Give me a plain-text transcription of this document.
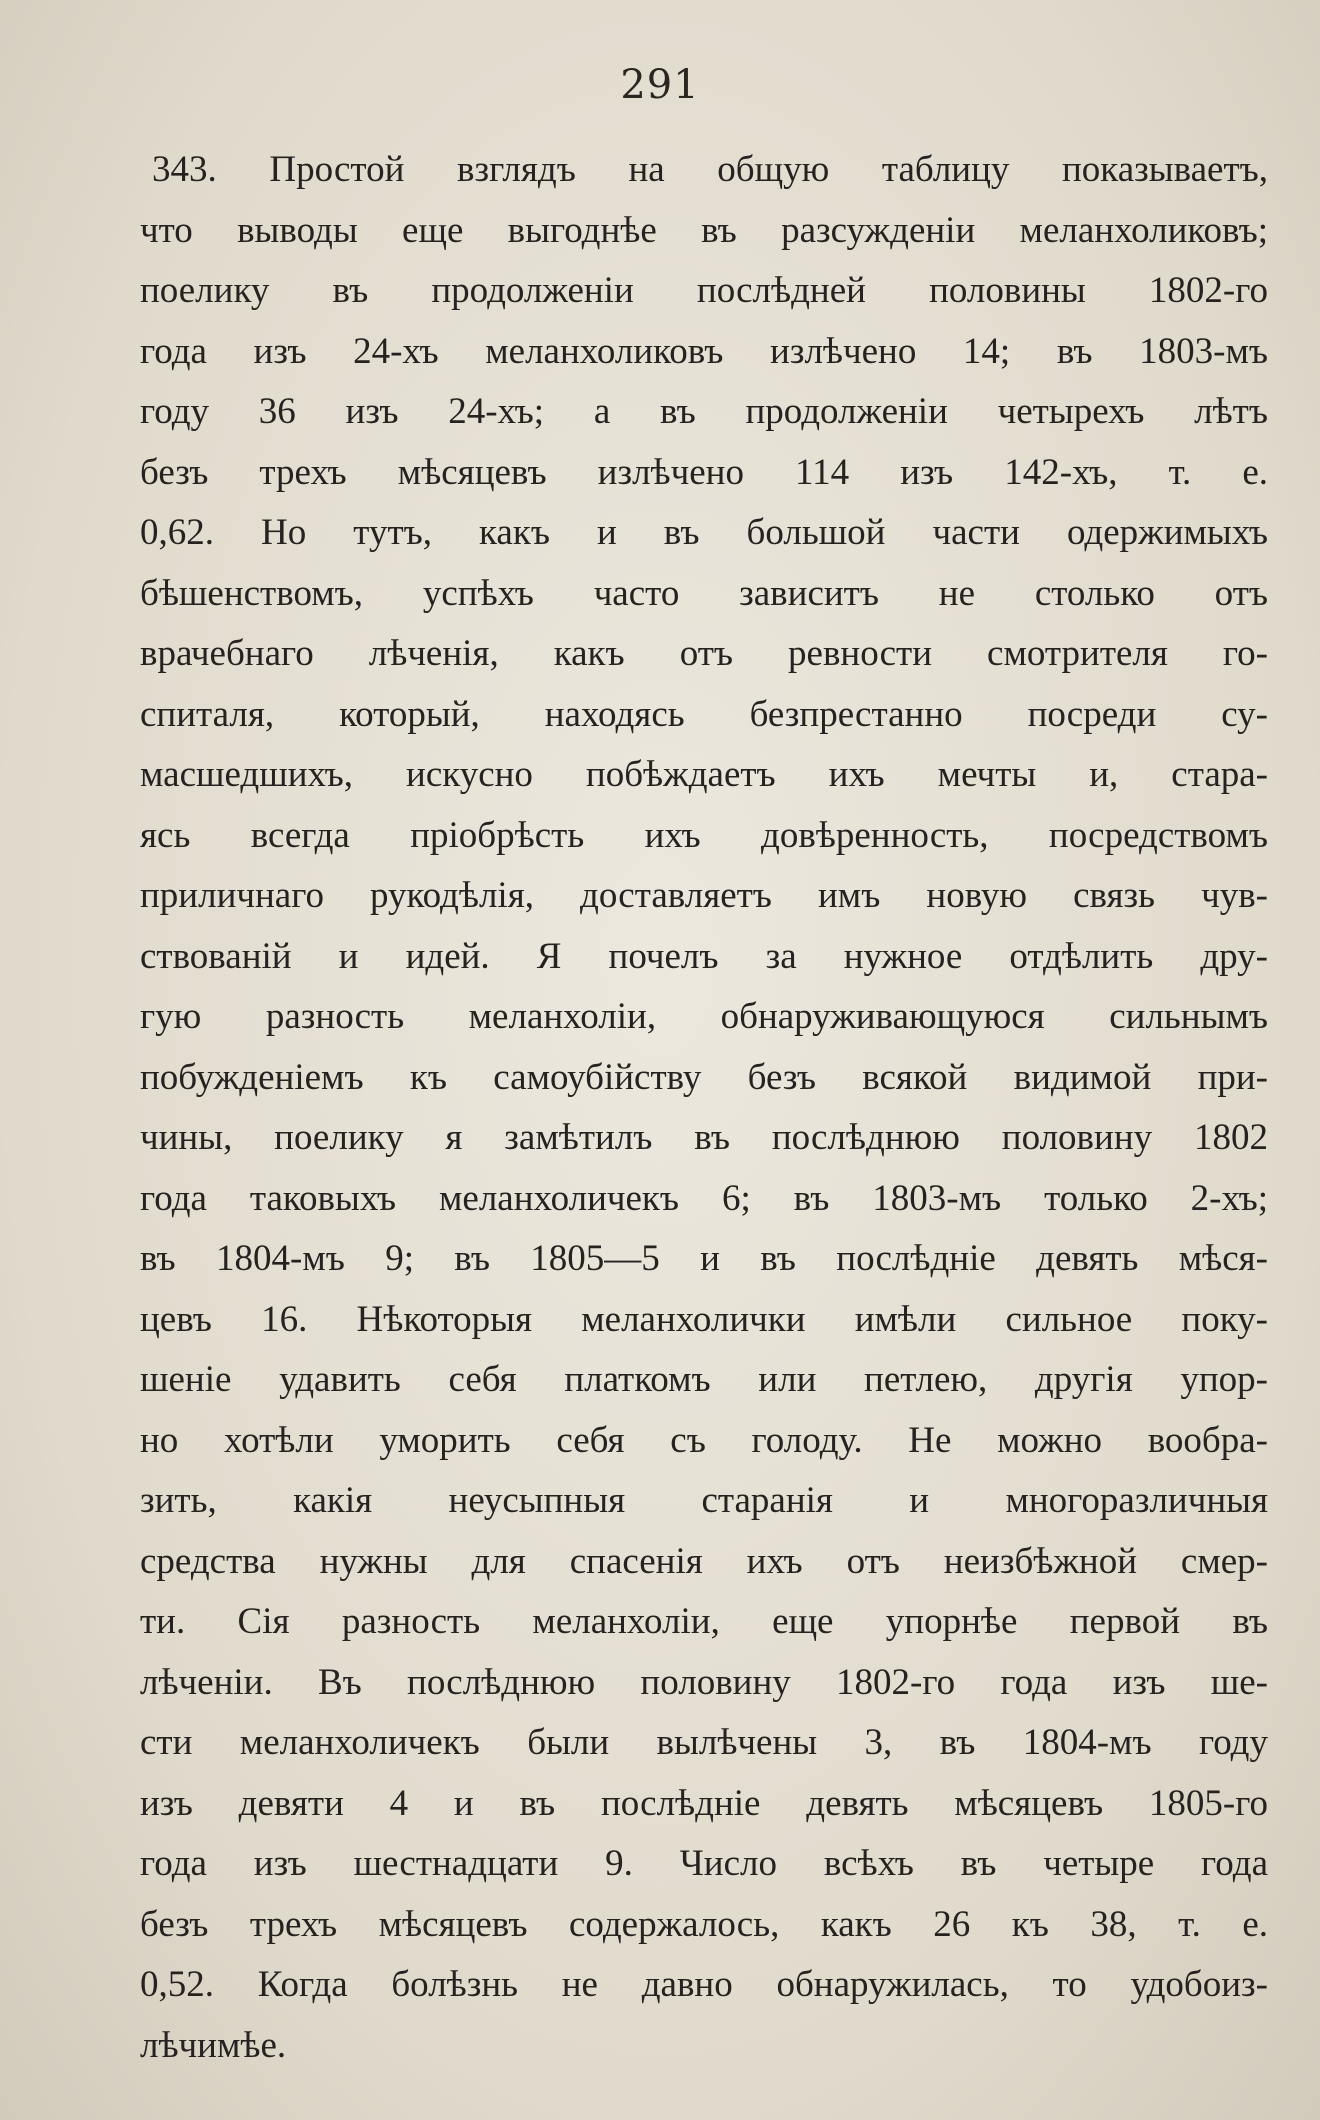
291
343. Простой взглядъ на общую таблицу показываетъ,
что выводы еще выгоднѣе въ разсужденіи меланхоликовъ;
поелику въ продолженіи послѣдней половины 1802-го
года изъ 24-хъ меланхоликовъ излѣчено 14; въ 1803-мъ
году 36 изъ 24-хъ; а въ продолженіи четырехъ лѣтъ
безъ трехъ мѣсяцевъ излѣчено 114 изъ 142-хъ, т. е.
0,62. Но тутъ, какъ и въ большой части одержимыхъ
бѣшенствомъ, успѣхъ часто зависитъ не столько отъ
врачебнаго лѣченія, какъ отъ ревности смотрителя го-
спиталя, который, находясь безпрестанно посреди су-
масшедшихъ, искусно побѣждаетъ ихъ мечты и, стара-
ясь всегда пріобрѣсть ихъ довѣренность, посредствомъ
приличнаго рукодѣлія, доставляетъ имъ новую связь чув-
ствованій и идей. Я почелъ за нужное отдѣлить дру-
гую разность меланхоліи, обнаруживающуюся сильнымъ
побужденіемъ къ самоубійству безъ всякой видимой при-
чины, поелику я замѣтилъ въ послѣднюю половину 1802
года таковыхъ меланхоличекъ 6; въ 1803-мъ только 2-хъ;
въ 1804-мъ 9; въ 1805—5 и въ послѣдніе девять мѣся-
цевъ 16. Нѣкоторыя меланхолички имѣли сильное поку-
шеніе удавить себя платкомъ или петлею, другія упор-
но хотѣли уморить себя съ голоду. Не можно вообра-
зить, какія неусыпныя старанія и многоразличныя
средства нужны для спасенія ихъ отъ неизбѣжной смер-
ти. Сія разность меланхоліи, еще упорнѣе первой въ
лѣченіи. Въ послѣднюю половину 1802-го года изъ ше-
сти меланхоличекъ были вылѣчены 3, въ 1804-мъ году
изъ девяти 4 и въ послѣдніе девять мѣсяцевъ 1805-го
года изъ шестнадцати 9. Число всѣхъ въ четыре года
безъ трехъ мѣсяцевъ содержалось, какъ 26 къ 38, т. е.
0,52. Когда болѣзнь не давно обнаружилась, то удобоиз-
лѣчимѣе.
